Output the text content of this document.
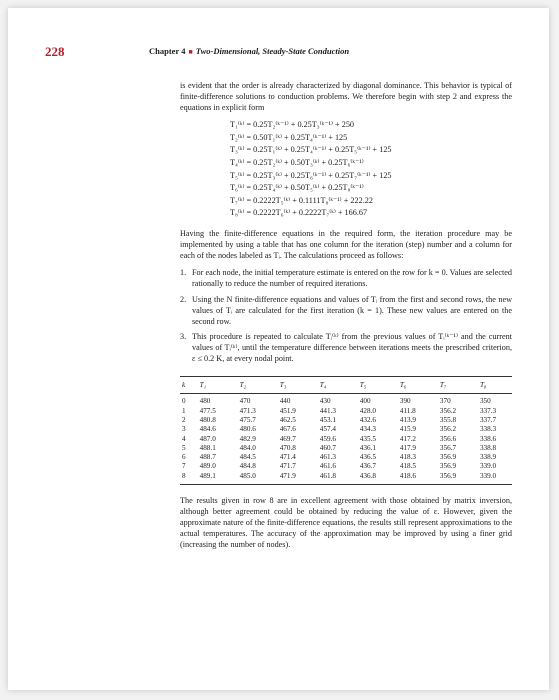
228	Chapter 4 ■ Two-Dimensional, Steady-State Conduction

is evident that the order is already characterized by diagonal dominance. This behavior is typical of finite-difference solutions to conduction problems. We therefore begin with step 2 and express the equations in explicit form

T₁⁽ᵏ⁾ = 0.25T₂⁽ᵏ⁻¹⁾ + 0.25T₃⁽ᵏ⁻¹⁾ + 250
T₂⁽ᵏ⁾ = 0.50T₁⁽ᵏ⁾ + 0.25T₄⁽ᵏ⁻¹⁾ + 125
T₃⁽ᵏ⁾ = 0.25T₁⁽ᵏ⁾ + 0.25T₄⁽ᵏ⁻¹⁾ + 0.25T₅⁽ᵏ⁻¹⁾ + 125
T₄⁽ᵏ⁾ = 0.25T₂⁽ᵏ⁾ + 0.50T₃⁽ᵏ⁾ + 0.25T₆⁽ᵏ⁻¹⁾
T₅⁽ᵏ⁾ = 0.25T₃⁽ᵏ⁾ + 0.25T₆⁽ᵏ⁻¹⁾ + 0.25T₇⁽ᵏ⁻¹⁾ + 125
T₆⁽ᵏ⁾ = 0.25T₄⁽ᵏ⁾ + 0.50T₅⁽ᵏ⁾ + 0.25T₈⁽ᵏ⁻¹⁾
T₇⁽ᵏ⁾ = 0.2222T₅⁽ᵏ⁾ + 0.1111T₈⁽ᵏ⁻¹⁾ + 222.22
T₈⁽ᵏ⁾ = 0.2222T₆⁽ᵏ⁾ + 0.2222T₇⁽ᵏ⁾ + 166.67

Having the finite-difference equations in the required form, the iteration procedure may be implemented by using a table that has one column for the iteration (step) number and a column for each of the nodes labeled as Tᵢ. The calculations proceed as follows:

1. For each node, the initial temperature estimate is entered on the row for k = 0. Values are selected rationally to reduce the number of required iterations.
2. Using the N finite-difference equations and values of Tᵢ from the first and second rows, the new values of Tᵢ are calculated for the first iteration (k = 1). These new values are entered on the second row.
3. This procedure is repeated to calculate Tᵢ⁽ᵏ⁾ from the previous values of Tᵢ⁽ᵏ⁻¹⁾ and the current values of Tᵢ⁽ᵏ⁾, until the temperature difference between iterations meets the prescribed criterion, ε ≤ 0.2 K, at every nodal point.
k	T₁	T₂	T₃	T₄	T₅	T₆	T₇	T₈
0	480	470	440	430	400	390	370	350
1	477.5	471.3	451.9	441.3	428.0	411.8	356.2	337.3
2	480.8	475.7	462.5	453.1	432.6	413.9	355.8	337.7
3	484.6	480.6	467.6	457.4	434.3	415.9	356.2	338.3
4	487.0	482.9	469.7	459.6	435.5	417.2	356.6	338.6
5	488.1	484.0	470.8	460.7	436.1	417.9	356.7	338.8
6	488.7	484.5	471.4	461.3	436.5	418.3	356.9	338.9
7	489.0	484.8	471.7	461.6	436.7	418.5	356.9	339.0
8	489.1	485.0	471.9	461.8	436.8	418.6	356.9	339.0

The results given in row 8 are in excellent agreement with those obtained by matrix inversion, although better agreement could be obtained by reducing the value of ε. However, given the approximate nature of the finite-difference equations, the results still represent approximations to the actual temperatures. The accuracy of the approximation may be improved by using a finer grid (increasing the number of nodes).
